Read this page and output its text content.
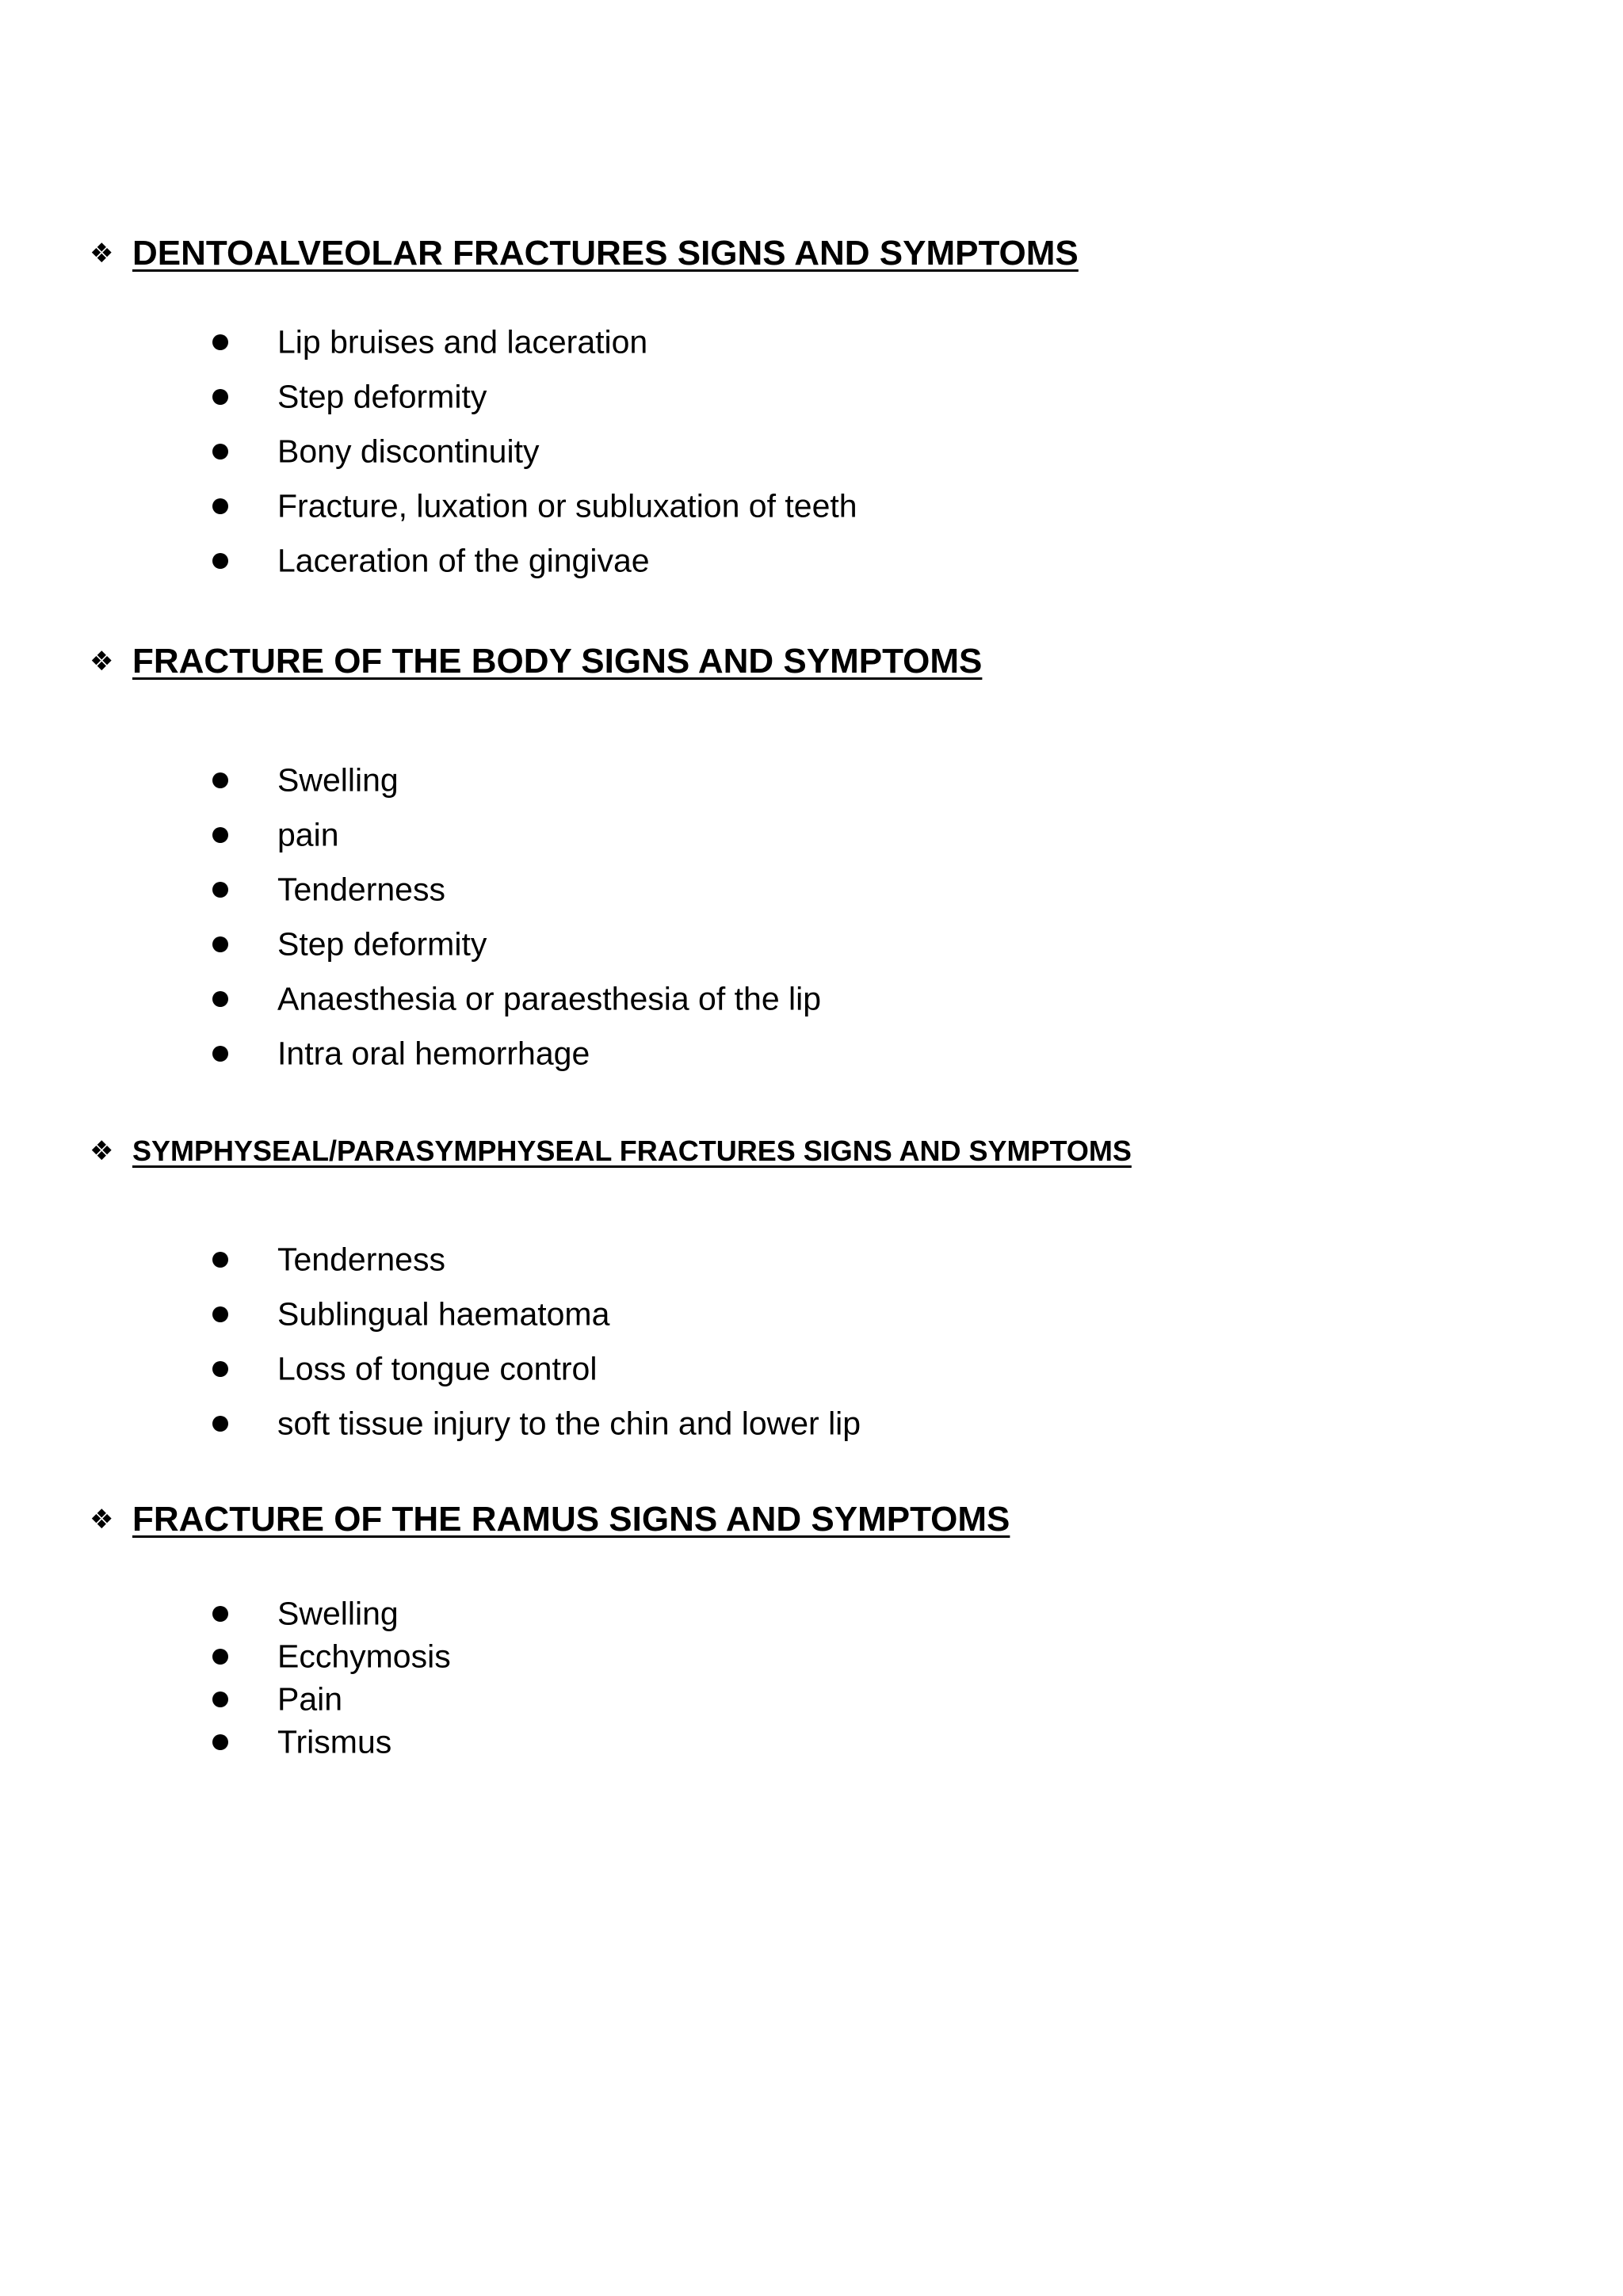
❖
DENTOALVEOLAR FRACTURES SIGNS AND SYMPTOMS
Lip bruises and laceration
Step deformity
Bony discontinuity
Fracture, luxation or subluxation of teeth
Laceration of the gingivae
❖
FRACTURE OF THE BODY SIGNS AND SYMPTOMS
Swelling
pain
Tenderness
Step deformity
Anaesthesia or paraesthesia of the lip
Intra oral hemorrhage
❖
SYMPHYSEAL/PARASYMPHYSEAL FRACTURES SIGNS AND SYMPTOMS
Tenderness
Sublingual haematoma
Loss of tongue control
soft tissue injury to the chin and lower lip
❖
FRACTURE OF THE RAMUS SIGNS AND SYMPTOMS
Swelling
Ecchymosis
Pain
Trismus
